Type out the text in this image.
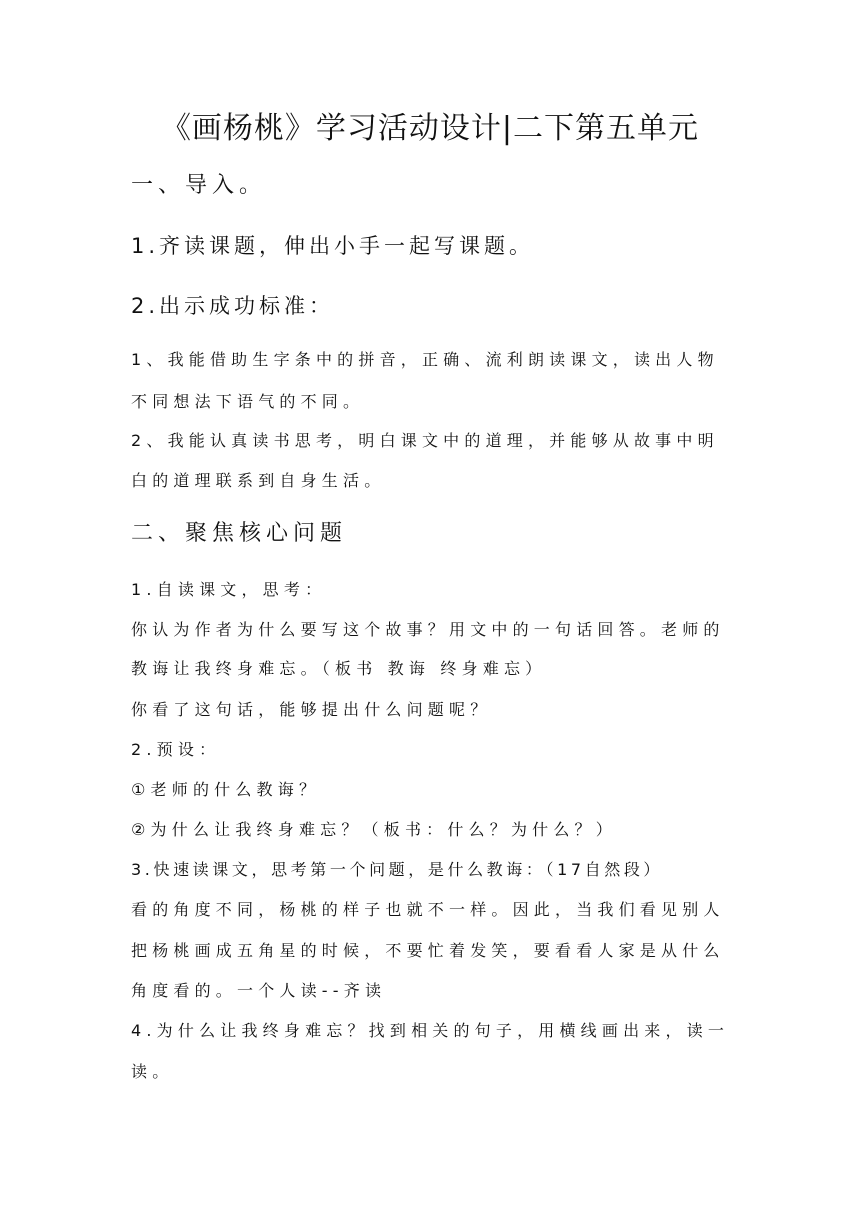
《画杨桃》学习活动设计|二下第五单元
一、导入。
1.齐读课题，伸出小手一起写课题。
2.出示成功标准：
1、我能借助生字条中的拼音，正确、流利朗读课文，读出人物
不同想法下语气的不同。
2、我能认真读书思考，明白课文中的道理，并能够从故事中明
白的道理联系到自身生活。
二、聚焦核心问题
1.自读课文，思考：
你认为作者为什么要写这个故事？用文中的一句话回答。老师的
教诲让我终身难忘。（板书 教诲 终身难忘）
你看了这句话，能够提出什么问题呢？
2.预设：
①老师的什么教诲？
②为什么让我终身难忘？（板书：什么？为什么？）
3.快速读课文，思考第一个问题，是什么教诲：（17自然段）
看的角度不同，杨桃的样子也就不一样。因此，当我们看见别人
把杨桃画成五角星的时候，不要忙着发笑，要看看人家是从什么
角度看的。一个人读--齐读
4.为什么让我终身难忘？找到相关的句子，用横线画出来，读一
读。
